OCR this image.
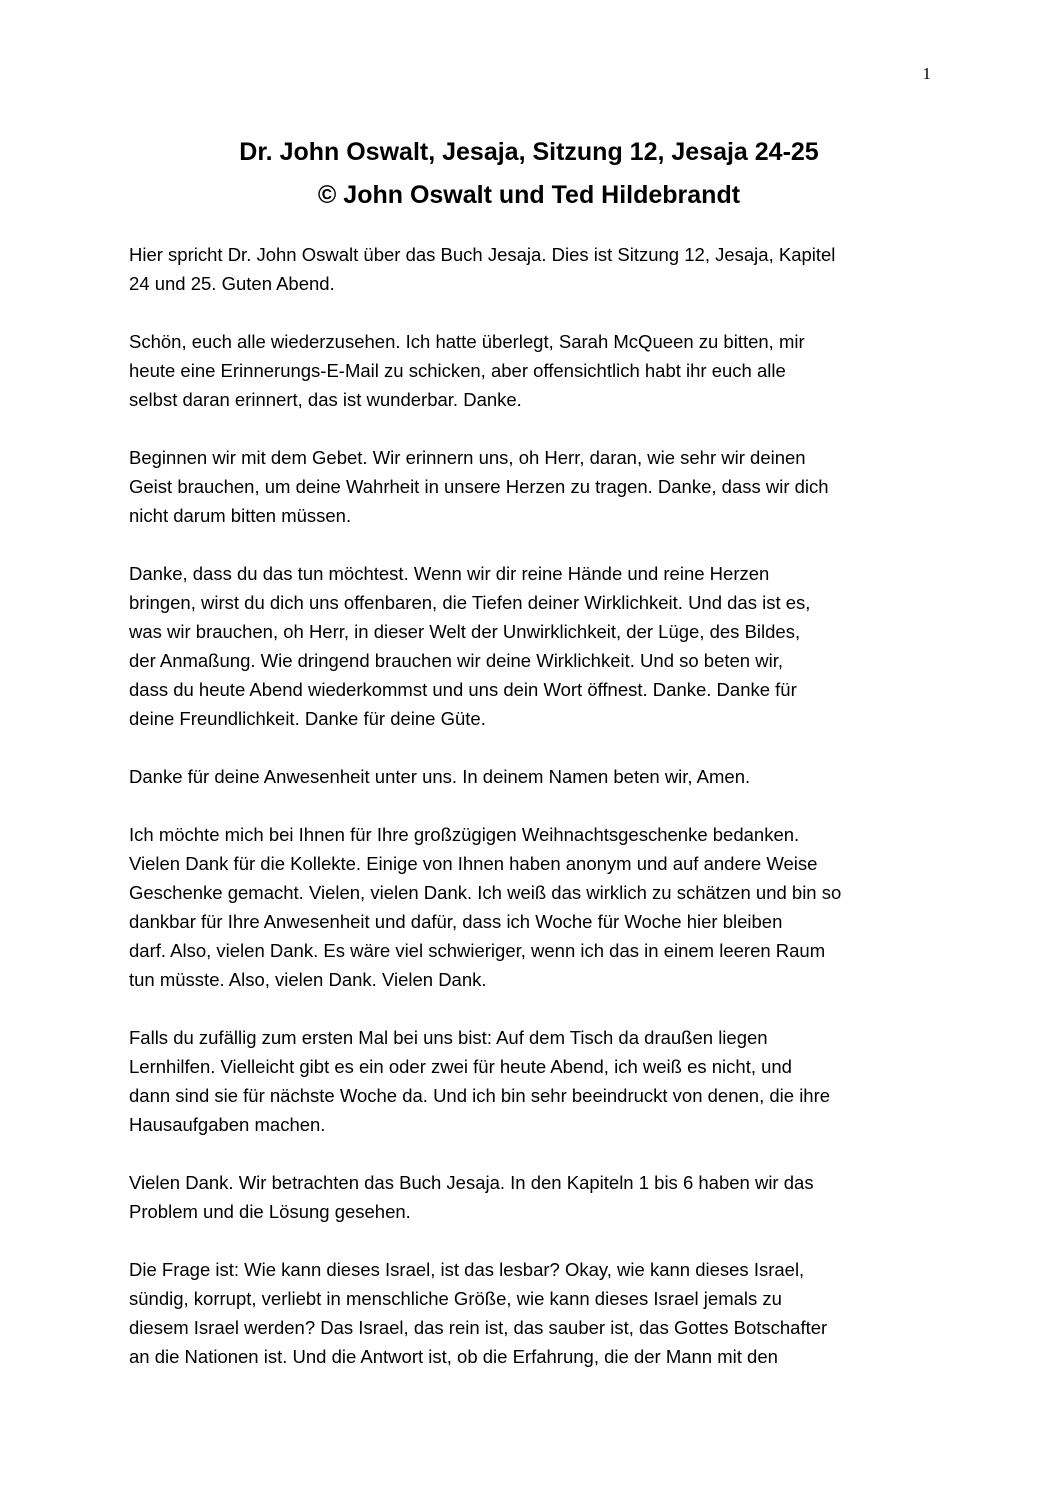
1
Dr. John Oswalt, Jesaja, Sitzung 12, Jesaja 24-25
© John Oswalt und Ted Hildebrandt

Hier spricht Dr. John Oswalt über das Buch Jesaja. Dies ist Sitzung 12, Jesaja, Kapitel
24 und 25. Guten Abend.

Schön, euch alle wiederzusehen. Ich hatte überlegt, Sarah McQueen zu bitten, mir
heute eine Erinnerungs-E-Mail zu schicken, aber offensichtlich habt ihr euch alle
selbst daran erinnert, das ist wunderbar. Danke.

Beginnen wir mit dem Gebet. Wir erinnern uns, oh Herr, daran, wie sehr wir deinen
Geist brauchen, um deine Wahrheit in unsere Herzen zu tragen. Danke, dass wir dich
nicht darum bitten müssen.

Danke, dass du das tun möchtest. Wenn wir dir reine Hände und reine Herzen
bringen, wirst du dich uns offenbaren, die Tiefen deiner Wirklichkeit. Und das ist es,
was wir brauchen, oh Herr, in dieser Welt der Unwirklichkeit, der Lüge, des Bildes,
der Anmaßung. Wie dringend brauchen wir deine Wirklichkeit. Und so beten wir,
dass du heute Abend wiederkommst und uns dein Wort öffnest. Danke. Danke für
deine Freundlichkeit. Danke für deine Güte.

Danke für deine Anwesenheit unter uns. In deinem Namen beten wir, Amen.

Ich möchte mich bei Ihnen für Ihre großzügigen Weihnachtsgeschenke bedanken.
Vielen Dank für die Kollekte. Einige von Ihnen haben anonym und auf andere Weise
Geschenke gemacht. Vielen, vielen Dank. Ich weiß das wirklich zu schätzen und bin so
dankbar für Ihre Anwesenheit und dafür, dass ich Woche für Woche hier bleiben
darf. Also, vielen Dank. Es wäre viel schwieriger, wenn ich das in einem leeren Raum
tun müsste. Also, vielen Dank. Vielen Dank.

Falls du zufällig zum ersten Mal bei uns bist: Auf dem Tisch da draußen liegen
Lernhilfen. Vielleicht gibt es ein oder zwei für heute Abend, ich weiß es nicht, und
dann sind sie für nächste Woche da. Und ich bin sehr beeindruckt von denen, die ihre
Hausaufgaben machen.

Vielen Dank. Wir betrachten das Buch Jesaja. In den Kapiteln 1 bis 6 haben wir das
Problem und die Lösung gesehen.

Die Frage ist: Wie kann dieses Israel, ist das lesbar? Okay, wie kann dieses Israel,
sündig, korrupt, verliebt in menschliche Größe, wie kann dieses Israel jemals zu
diesem Israel werden? Das Israel, das rein ist, das sauber ist, das Gottes Botschafter
an die Nationen ist. Und die Antwort ist, ob die Erfahrung, die der Mann mit den
